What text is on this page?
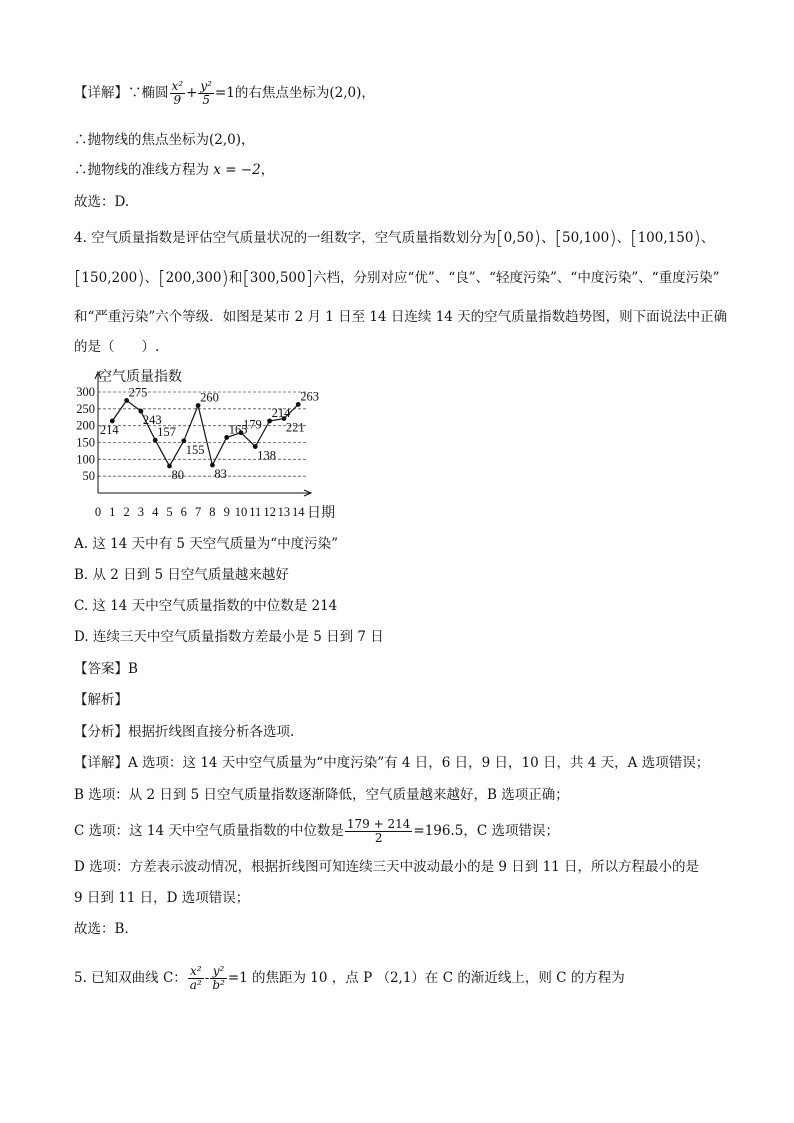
【详解】∵椭圆 $\frac{\text{x²}}{9} + \frac{\text{y²}}{5} =1$的右焦点坐标为(2,0)，
∴抛物线的焦点坐标为(2,0)，
∴抛物线的准线方程为 x = −2，
故选：D.
4. 空气质量指数是评估空气质量状况的一组数字，空气质量指数划分为[0,50)、[50,100)、[100,150)、
[150,200)、[200,300)和[300,500]六档，分别对应“优”、“良”、“轻度污染”、“中度污染”、“重度污染”
和“严重污染”六个等级．如图是某市 2 月 1 日至 14 日连续 14 天的空气质量指数趋势图，则下面说法中正确
的是（　　）.
50
100
150
200
250
300
0 1 2 3 4 5 6 7 8 9 10 11 12 13 14
214
275
243
157
80
155
260
83
165
179
138
214
221
263
空气质量指数
日期
A. 这 14 天中有 5 天空气质量为“中度污染”
B. 从 2 日到 5 日空气质量越来越好
C. 这 14 天中空气质量指数的中位数是 214
D. 连续三天中空气质量指数方差最小是 5 日到 7 日
【答案】B
【解析】
【分析】根据折线图直接分析各选项.
【详解】A 选项：这 14 天中空气质量为“中度污染”有 4 日，6 日，9 日，10 日，共 4 天，A 选项错误；
B 选项：从 2 日到 5 日空气质量指数逐渐降低，空气质量越来越好，B 选项正确；
C 选项：这 14 天中空气质量指数的中位数是 $\frac{179 + 214}{2} =196.5$，C 选项错误；
D 选项：方差表示波动情况，根据折线图可知连续三天中波动最小的是 9 日到 11 日，所以方程最小的是
9 日到 11 日，D 选项错误；
故选：B.
5. 已知双曲线 C： $\frac{\text{x²}}{\text{a²}} - \frac{\text{y²}}{\text{b²}} =1$ 的焦距为 10 ，点 P （2,1）在 C 的渐近线上，则 C 的方程为
